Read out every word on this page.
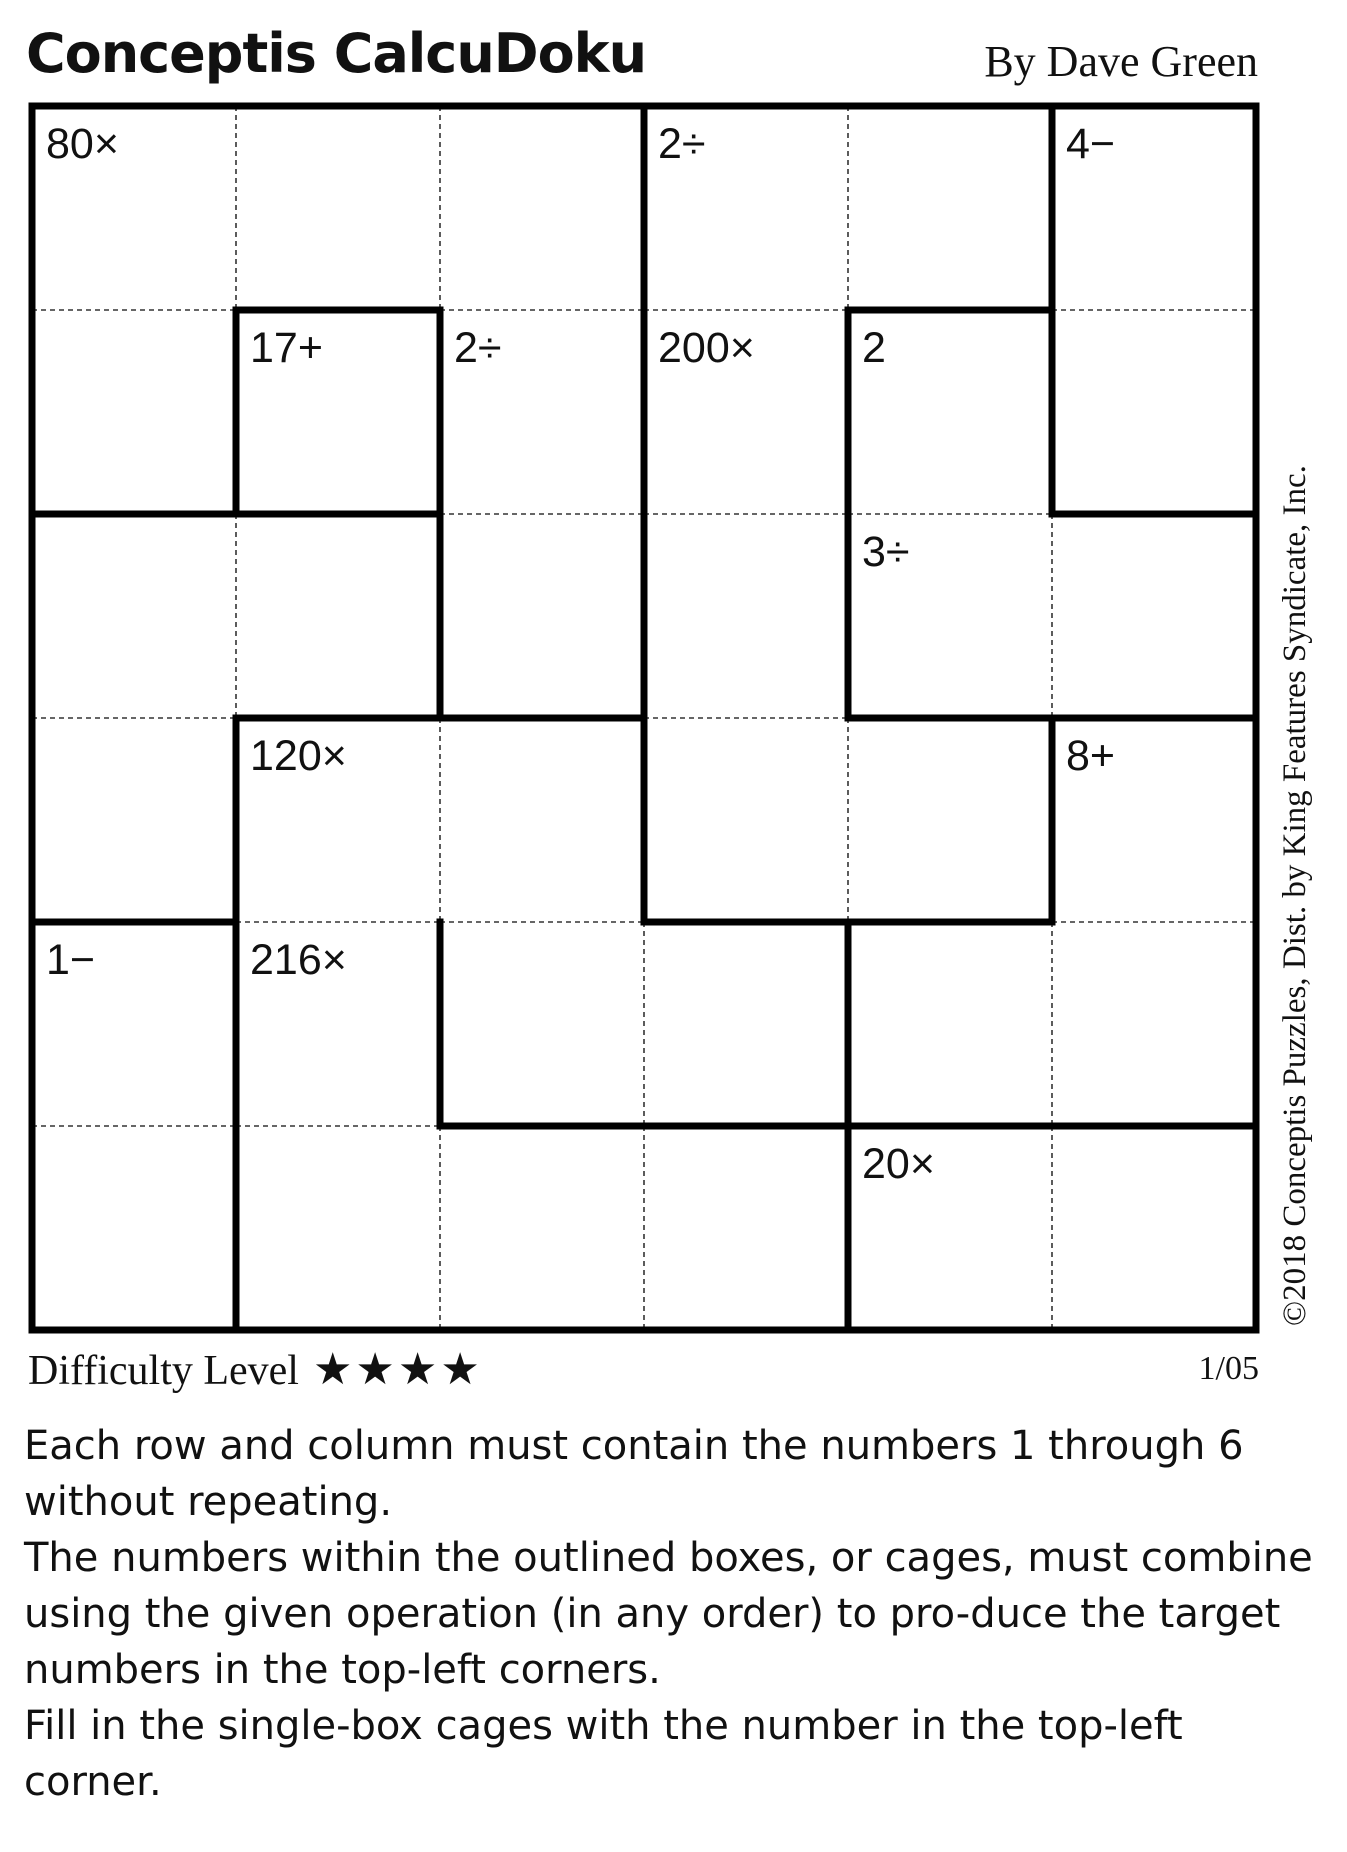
Conceptis CalcuDoku	By Dave Green
80×	2÷	4−
17+	2÷	200× 2
3÷
120×	8+
1−	216×
20×	©2018 Conceptis Puzzles, Dist. by King Features Syndicate, Inc.
Difficulty Level ★★★★	1/05

Each row and column must contain the numbers 1 through 6 without repeating.

The numbers within the outlined boxes, or cages, must combine using the given operation (in any order) to pro-duce the target numbers in the top-left corners.

Fill in the single-box cages with the number in the top-left corner.
